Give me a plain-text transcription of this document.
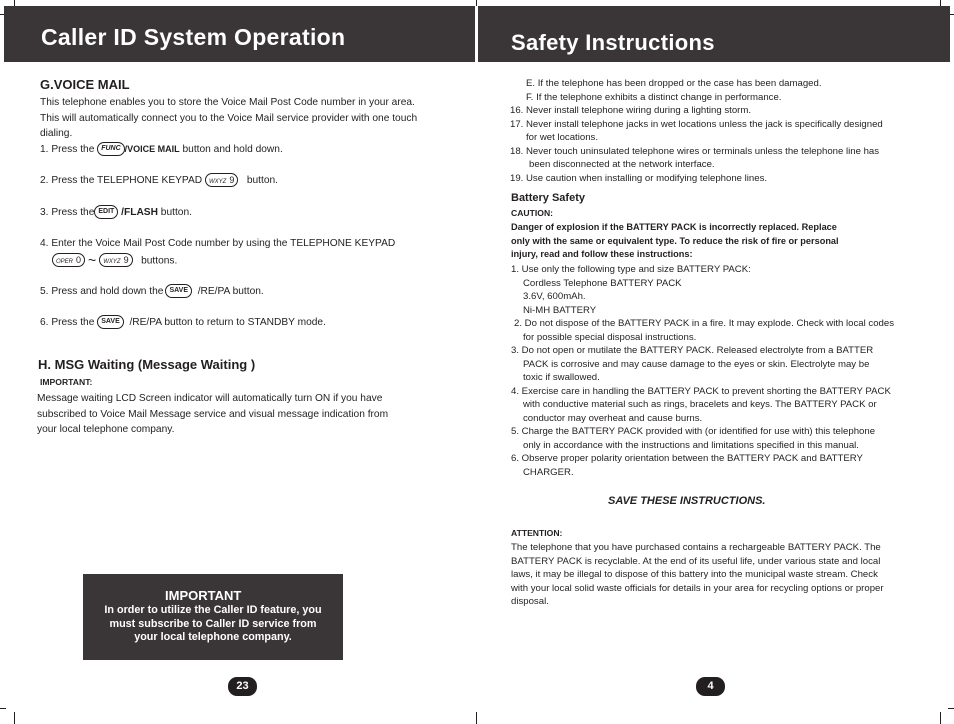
Caller ID System Operation
G.VOICE MAIL
This telephone enables you to store the Voice Mail Post Code number in your area.
This will automatically connect you to the Voice Mail service provider with one touch
dialing.
1. Press the FUNC /VOICE MAIL button and hold down.
2. Press the TELEPHONE KEYPAD WXYZ 9 button.
3. Press the EDIT /FLASH button.
4. Enter the Voice Mail Post Code number by using the TELEPHONE KEYPAD
OPER 0 ~ WXYZ 9 buttons.
5. Press and hold down the SAVE /RE/PA button.
6. Press the SAVE /RE/PA button to return to STANDBY mode.
H. MSG Waiting (Message Waiting )
IMPORTANT:
Message waiting LCD Screen indicator will automatically turn ON if you have
subscribed to Voice Mail Message service and visual message indication from
your local telephone company.
IMPORTANT
In order to utilize the Caller ID feature, you
must subscribe to Caller ID service from
your local telephone company.
23
Safety Instructions
E. If the telephone has been dropped or the case has been damaged.
F. If the telephone exhibits a distinct change in performance.
16. Never install telephone wiring during a lighting storm.
17. Never install telephone jacks in wet locations unless the jack is specifically designed
for wet locations.
18. Never touch uninsulated telephone wires or terminals unless the telephone line has
been disconnected at the network interface.
19. Use caution when installing or modifying telephone lines.
Battery Safety
CAUTION:
Danger of explosion if the BATTERY PACK is incorrectly replaced. Replace
only with the same or equivalent type. To reduce the risk of fire or personal
injury, read and follow these instructions:
1. Use only the following type and size BATTERY PACK:
Cordless Telephone BATTERY PACK
3.6V, 600mAh.
Ni-MH BATTERY
2. Do not dispose of the BATTERY PACK in a fire. It may explode. Check with local codes
for possible special disposal instructions.
3. Do not open or mutilate the BATTERY PACK. Released electrolyte from a BATTER
PACK is corrosive and may cause damage to the eyes or skin. Electrolyte may be
toxic if swallowed.
4. Exercise care in handling the BATTERY PACK to prevent shorting the BATTERY PACK
with conductive material such as rings, bracelets and keys. The BATTERY PACK or
conductor may overheat and cause burns.
5. Charge the BATTERY PACK provided with (or identified for use with) this telephone
only in accordance with the instructions and limitations specified in this manual.
6. Observe proper polarity orientation between the BATTERY PACK and BATTERY
CHARGER.
SAVE THESE INSTRUCTIONS.
ATTENTION:
The telephone that you have purchased contains a rechargeable BATTERY PACK. The
BATTERY PACK is recyclable. At the end of its useful life, under various state and local
laws, it may be illegal to dispose of this battery into the municipal waste stream. Check
with your local solid waste officials for details in your area for recycling options or proper
disposal.
4
